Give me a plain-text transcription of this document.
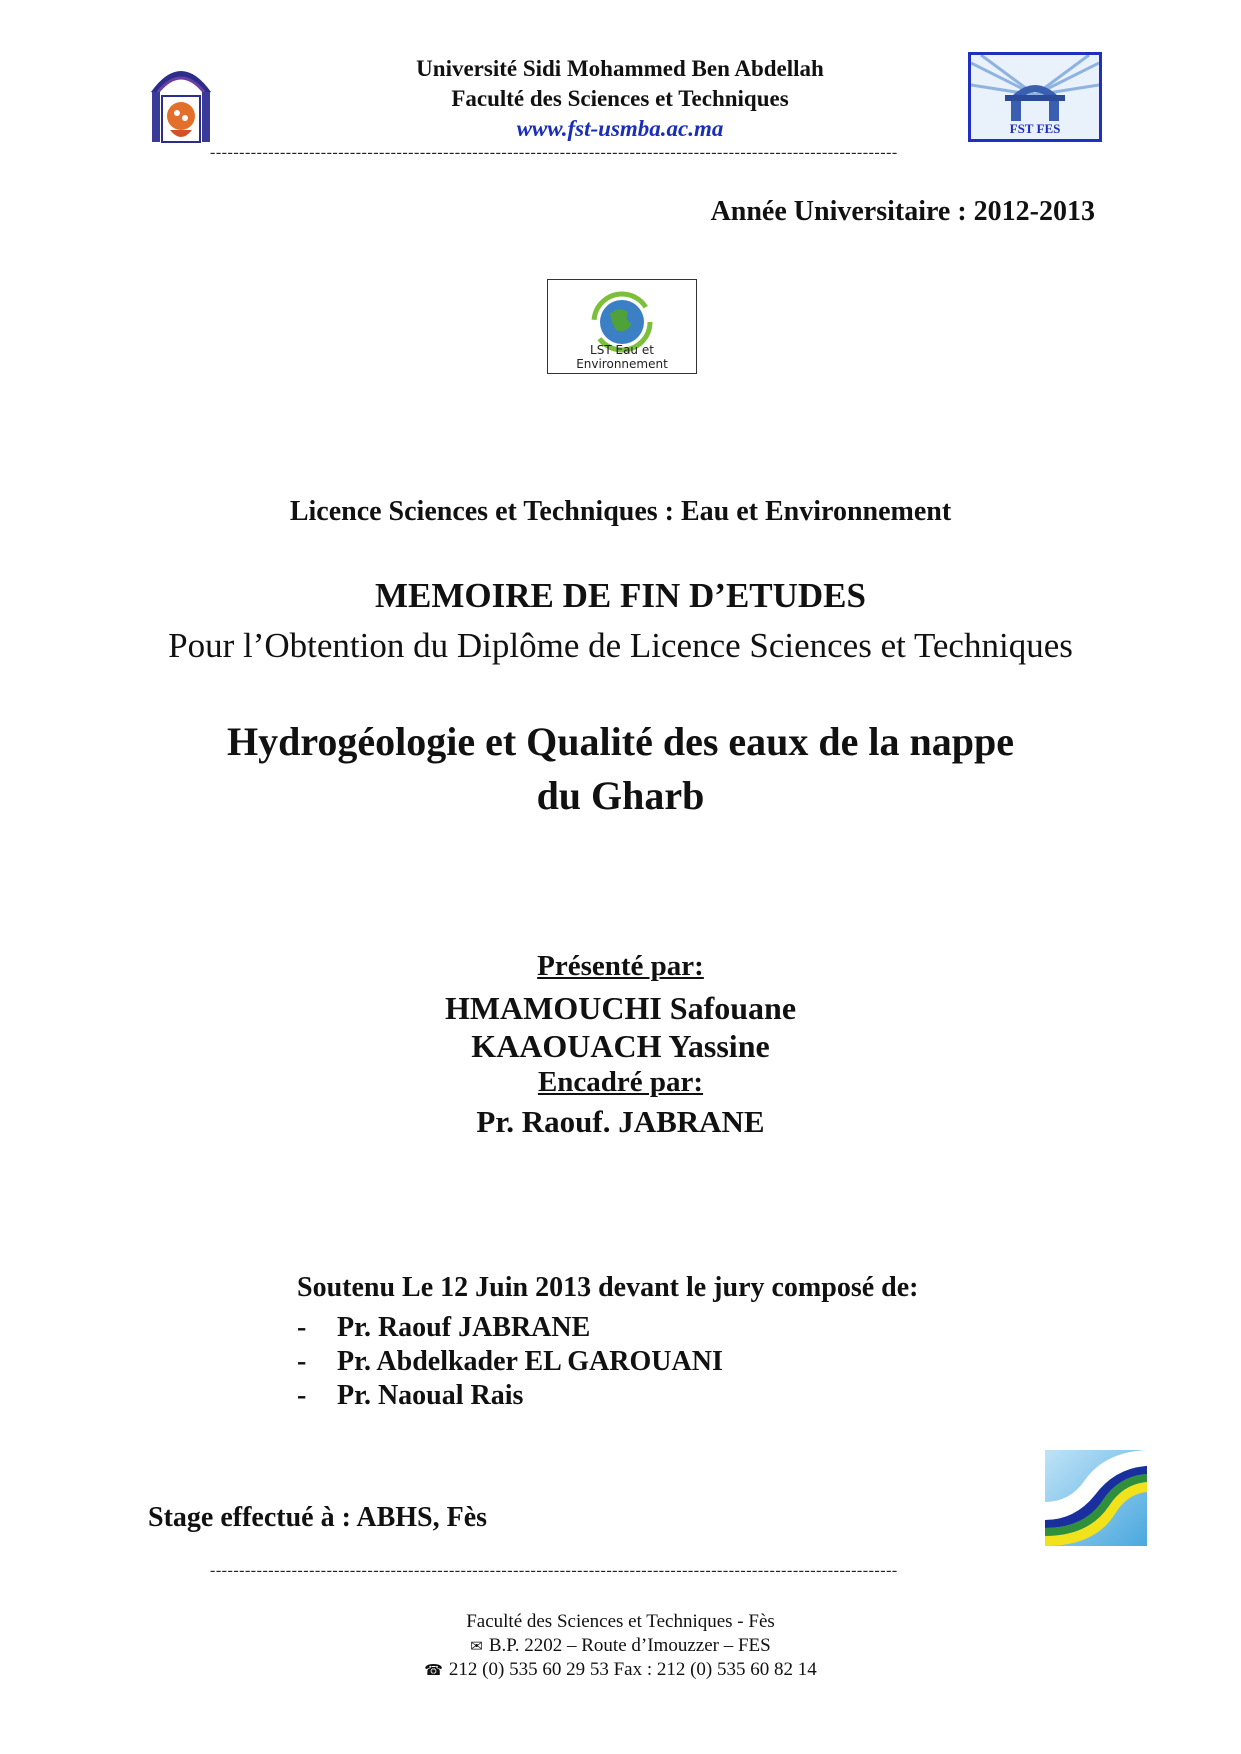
Université Sidi Mohammed Ben Abdellah
Faculté des Sciences et Techniques
www.fst-usmba.ac.ma	FST FES
----------------------------------------------------------------------------------------------------------------------
Année Universitaire : 2012-2013
LST Eau et Environnement
Licence Sciences et Techniques : Eau et Environnement
MEMOIRE DE FIN D’ETUDES
Pour l’Obtention du Diplôme de Licence Sciences et Techniques
Hydrogéologie et Qualité des eaux de la nappe
du Gharb
Présenté par:
HMAMOUCHI Safouane
KAAOUACH Yassine
Encadré par:
Pr. Raouf. JABRANE
Soutenu Le 12 Juin 2013 devant le jury composé de:
- Pr. Raouf JABRANE
- Pr. Abdelkader EL GAROUANI
- Pr. Naoual Rais
Stage effectué à : ABHS, Fès
----------------------------------------------------------------------------------------------------------------------
Faculté des Sciences et Techniques - Fès
✉ B.P. 2202 – Route d’Imouzzer – FES
☎ 212 (0) 535 60 29 53 Fax : 212 (0) 535 60 82 14
